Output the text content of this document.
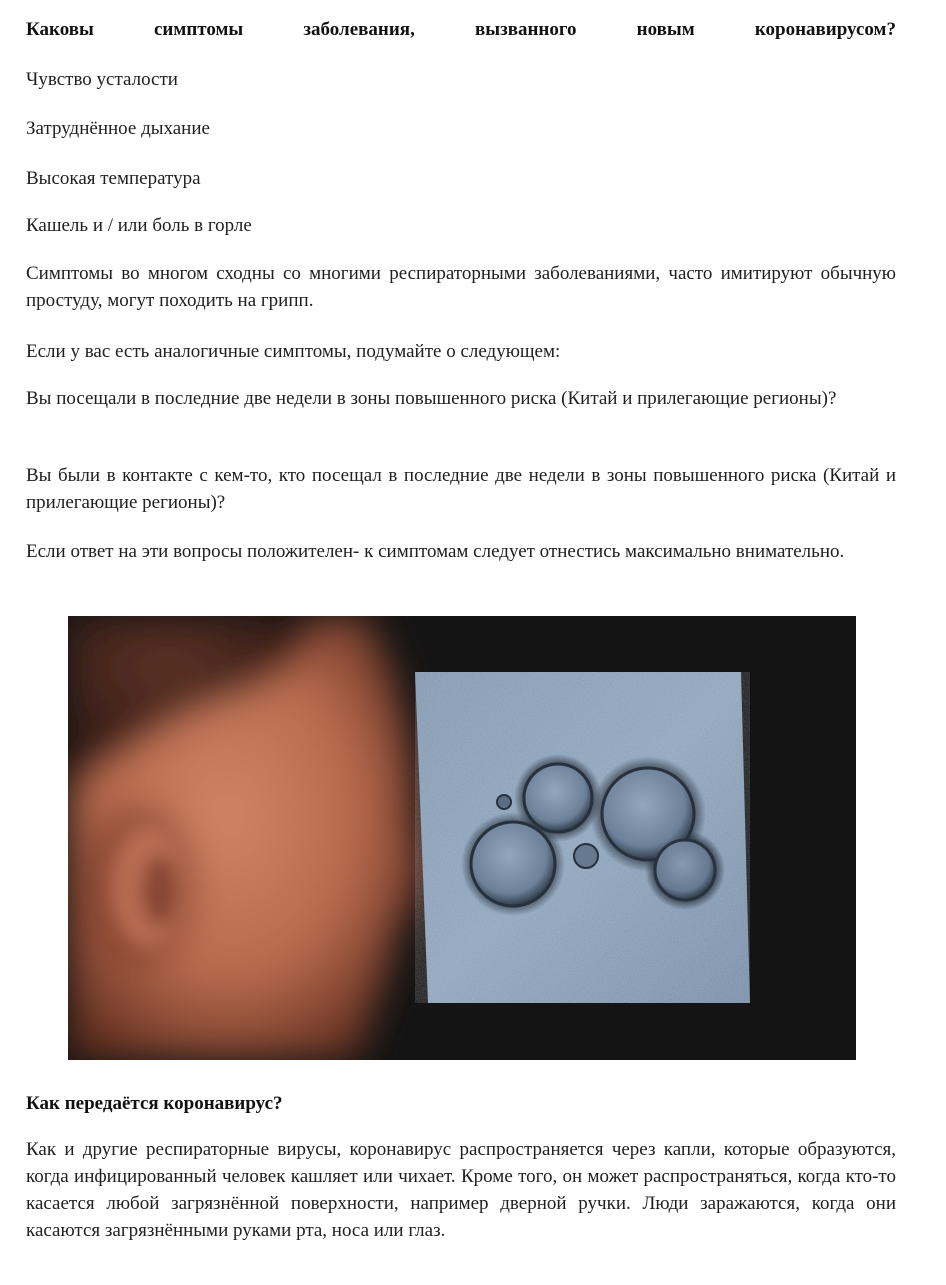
Каковы симптомы заболевания, вызванного новым коронавирусом?

Чувство усталости

Затруднённое дыхание

Высокая температура

Кашель и / или боль в горле

Симптомы во многом сходны со многими респираторными заболеваниями, часто имитируют обычную простуду, могут походить на грипп.

Если у вас есть аналогичные симптомы, подумайте о следующем:

Вы посещали в последние две недели в зоны повышенного риска (Китай и прилегающие регионы)?

Вы были в контакте с кем-то, кто посещал в последние две недели в зоны повышенного риска (Китай и прилегающие регионы)?

Если ответ на эти вопросы положителен- к симптомам следует отнестись максимально внимательно.

Как передаётся коронавирус?

Как и другие респираторные вирусы, коронавирус распространяется через капли, которые образуются, когда инфицированный человек кашляет или чихает. Кроме того, он может распространяться, когда кто-то касается любой загрязнённой поверхности, например дверной ручки. Люди заражаются, когда они касаются загрязнёнными руками рта, носа или глаз.
